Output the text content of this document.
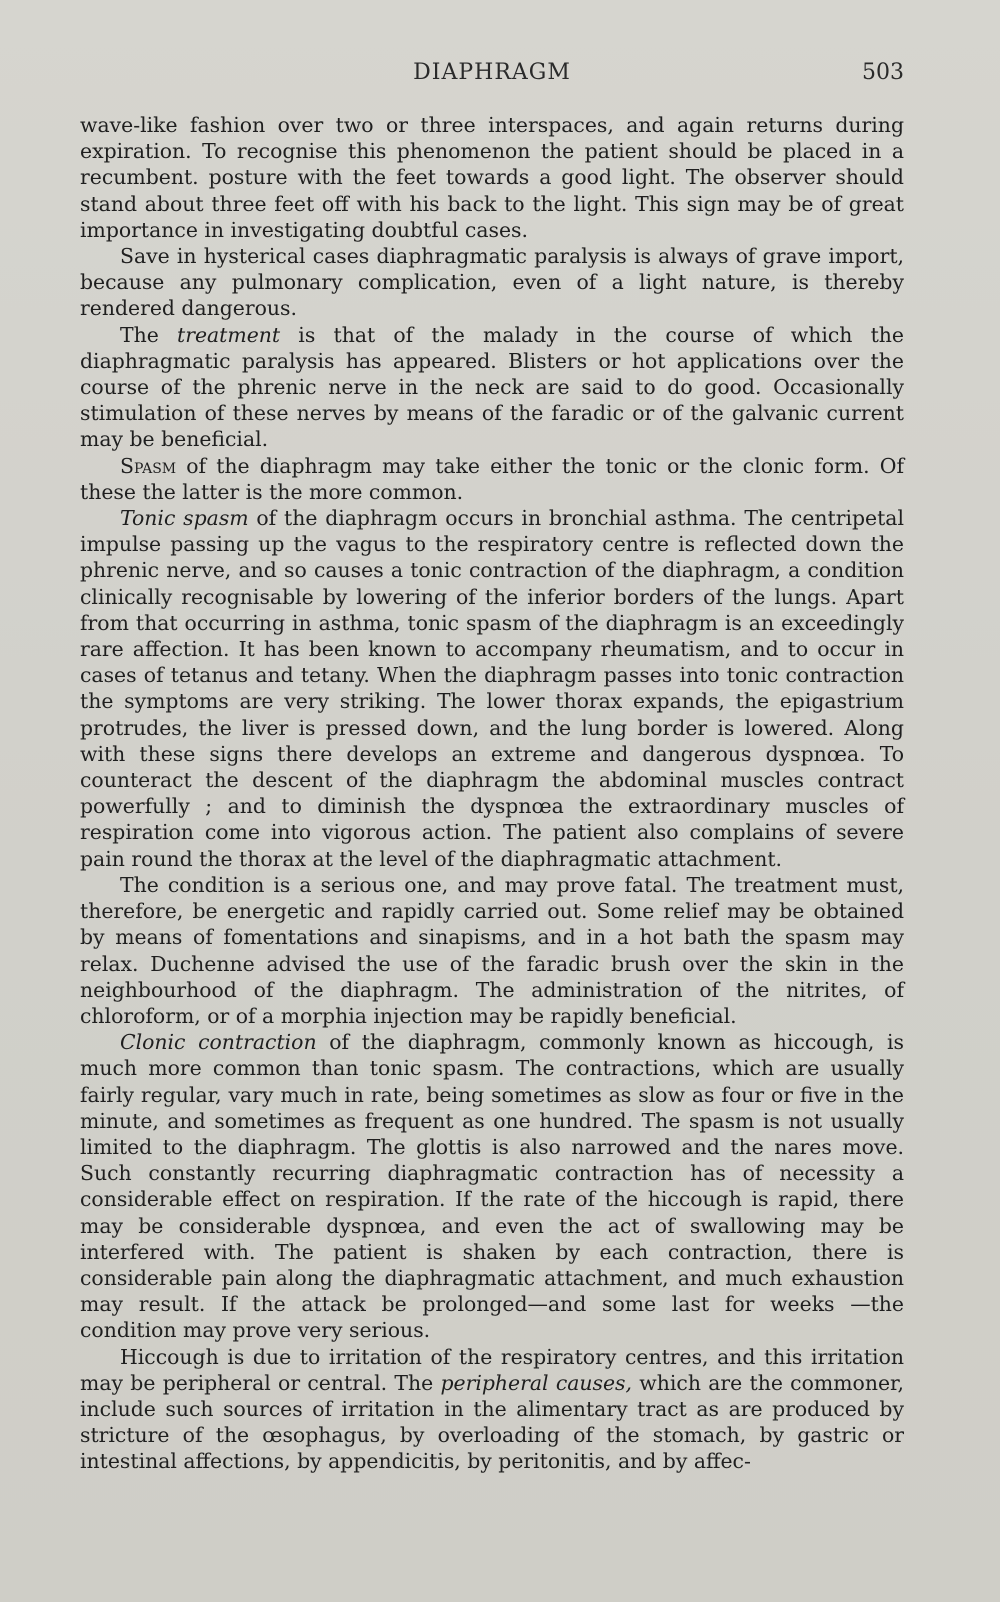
DIAPHRAGM	503

wave-like fashion over two or three interspaces, and again returns during expiration. To recognise this phenomenon the patient should be placed in a recumbent. posture with the feet towards a good light. The observer should stand about three feet off with his back to the light. This sign may be of great importance in investigating doubtful cases.

Save in hysterical cases diaphragmatic paralysis is always of grave import, because any pulmonary complication, even of a light nature, is thereby rendered dangerous.

The treatment is that of the malady in the course of which the diaphragmatic paralysis has appeared. Blisters or hot applications over the course of the phrenic nerve in the neck are said to do good. Occasionally stimulation of these nerves by means of the faradic or of the galvanic current may be beneficial.

Spasm of the diaphragm may take either the tonic or the clonic form. Of these the latter is the more common.

Tonic spasm of the diaphragm occurs in bronchial asthma. The centripetal impulse passing up the vagus to the respiratory centre is reflected down the phrenic nerve, and so causes a tonic contraction of the diaphragm, a condition clinically recognisable by lowering of the inferior borders of the lungs. Apart from that occurring in asthma, tonic spasm of the diaphragm is an exceedingly rare affection. It has been known to accompany rheumatism, and to occur in cases of tetanus and tetany. When the diaphragm passes into tonic contraction the symptoms are very striking. The lower thorax expands, the epigastrium protrudes, the liver is pressed down, and the lung border is lowered. Along with these signs there develops an extreme and dangerous dyspnœa. To counteract the descent of the diaphragm the abdominal muscles contract powerfully ; and to diminish the dyspnœa the extraordinary muscles of respiration come into vigorous action. The patient also complains of severe pain round the thorax at the level of the diaphragmatic attachment.

The condition is a serious one, and may prove fatal. The treatment must, therefore, be energetic and rapidly carried out. Some relief may be obtained by means of fomentations and sinapisms, and in a hot bath the spasm may relax. Duchenne advised the use of the faradic brush over the skin in the neighbourhood of the diaphragm. The administration of the nitrites, of chloroform, or of a morphia injection may be rapidly beneficial.

Clonic contraction of the diaphragm, commonly known as hiccough, is much more common than tonic spasm. The contractions, which are usually fairly regular, vary much in rate, being sometimes as slow as four or five in the minute, and sometimes as frequent as one hundred. The spasm is not usually limited to the diaphragm. The glottis is also narrowed and the nares move. Such constantly recurring diaphragmatic contraction has of necessity a considerable effect on respiration. If the rate of the hiccough is rapid, there may be considerable dyspnœa, and even the act of swallowing may be interfered with. The patient is shaken by each contraction, there is considerable pain along the diaphragmatic attachment, and much exhaustion may result. If the attack be prolonged—and some last for weeks —the condition may prove very serious.

Hiccough is due to irritation of the respiratory centres, and this irritation may be peripheral or central. The peripheral causes, which are the commoner, include such sources of irritation in the alimentary tract as are produced by stricture of the œsophagus, by overloading of the stomach, by gastric or intestinal affections, by appendicitis, by peritonitis, and by affec-
